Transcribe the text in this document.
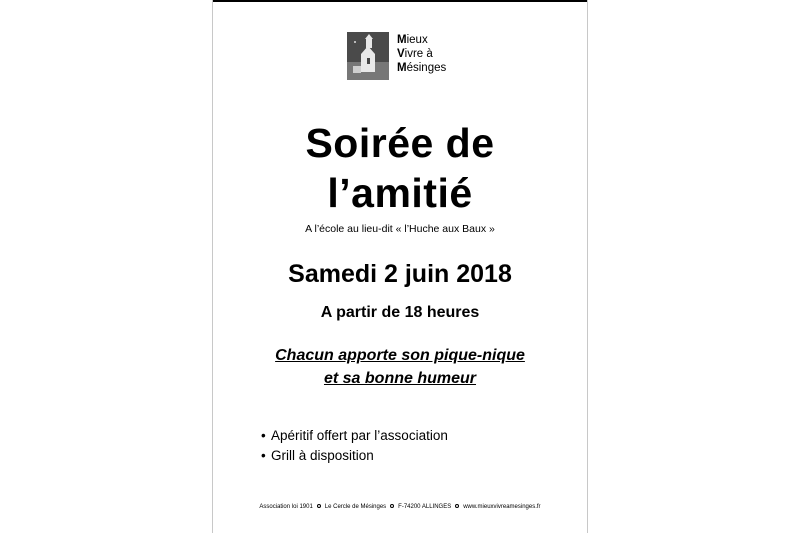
Mieux
Vivre à
Mésinges
Soirée de
l’amitié
A l’école au lieu-dit « l’Huche aux Baux »
Samedi 2 juin 2018
A partir de 18 heures
Chacun apporte son pique-nique
et sa bonne humeur
• Apéritif offert par l’association
• Grill à disposition
Association loi 1901 Le Cercle de Mésinges F-74200 ALLINGES www.mieuxvivreamesinges.fr
